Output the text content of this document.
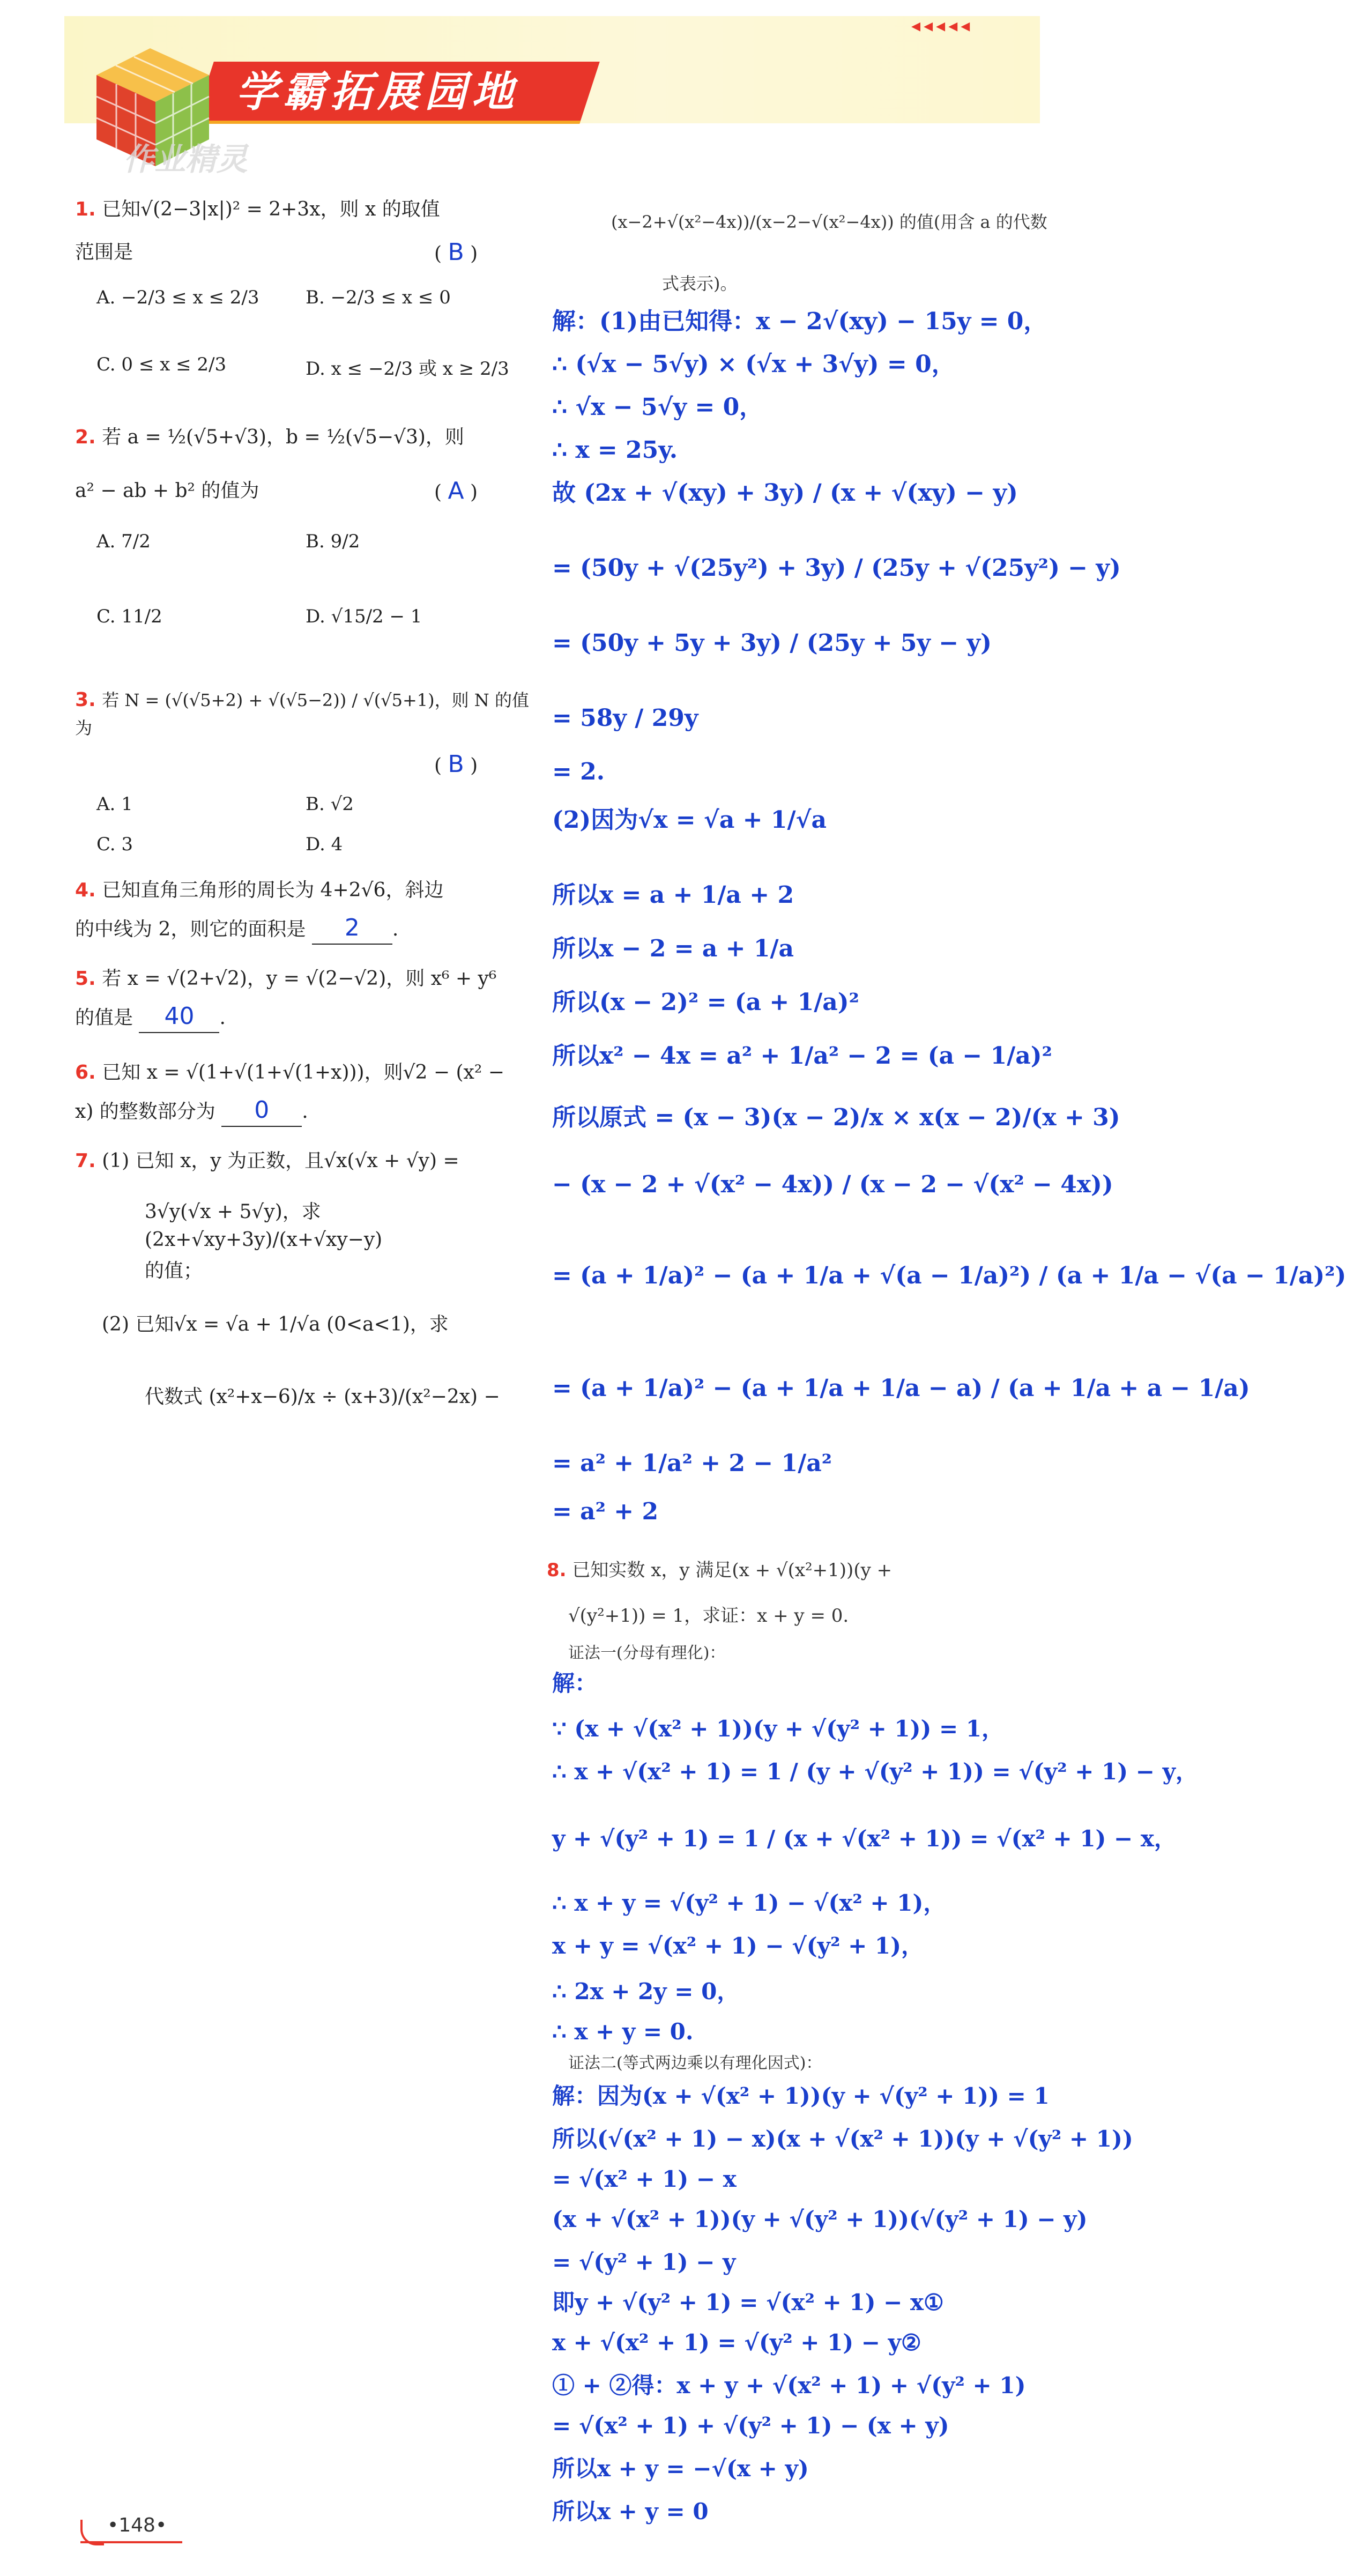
◂◂◂◂◂
学霸拓展园地
作业精灵
1. 已知√(2−3|x|)² = 2+3x，则 x 的取值
范围是	( B )
A. −2/3 ≤ x ≤ 2/3	B. −2/3 ≤ x ≤ 0
C. 0 ≤ x ≤ 2/3	D. x ≤ −2/3 或 x ≥ 2/3
2. 若 a = ½(√5+√3)，b = ½(√5−√3)，则
a² − ab + b² 的值为	( A )
A. 7/2	B. 9/2
C. 11/2	D. √15/2 − 1
3. 若 N = (√(√5+2) + √(√5−2)) / √(√5+1)，则 N 的值为
( B )
A. 1	B. √2
C. 3	D. 4
4. 已知直角三角形的周长为 4+2√6，斜边
的中线为 2，则它的面积是 2 .
5. 若 x = √(2+√2)，y = √(2−√2)，则 x⁶ + y⁶
的值是 40 .
6. 已知 x = √(1+√(1+√(1+x)))，则√2 − (x² −
x) 的整数部分为 0 .
7. (1) 已知 x，y 为正数，且√x(√x + √y) =
3√y(√x + 5√y)，求 (2x+√xy+3y)/(x+√xy−y)
的值；
(2) 已知√x = √a + 1/√a (0<a<1)，求
代数式 (x²+x−6)/x ÷ (x+3)/(x²−2x) −
(x−2+√(x²−4x))/(x−2−√(x²−4x)) 的值(用含 a 的代数
式表示)。
解：(1)由已知得：x − 2√(xy) − 15y = 0，
∴ (√x − 5√y) × (√x + 3√y) = 0，
∴ √x − 5√y = 0，
∴ x = 25y.
故 (2x + √(xy) + 3y) / (x + √(xy) − y)
= (50y + √(25y²) + 3y) / (25y + √(25y²) − y)
= (50y + 5y + 3y) / (25y + 5y − y)
= 58y / 29y
= 2.
(2)因为√x = √a + 1/√a
所以x = a + 1/a + 2
所以x − 2 = a + 1/a
所以(x − 2)² = (a + 1/a)²
所以x² − 4x = a² + 1/a² − 2 = (a − 1/a)²
所以原式 = (x − 3)(x − 2)/x × x(x − 2)/(x + 3)
− (x − 2 + √(x² − 4x)) / (x − 2 − √(x² − 4x))
= (a + 1/a)² − (a + 1/a + √(a − 1/a)²) / (a + 1/a − √(a − 1/a)²)
= (a + 1/a)² − (a + 1/a + 1/a − a) / (a + 1/a + a − 1/a)
= a² + 1/a² + 2 − 1/a²
= a² + 2
8. 已知实数 x，y 满足(x + √(x²+1))(y +
√(y²+1)) = 1，求证：x + y = 0.
证法一(分母有理化)：
解：
∵ (x + √(x² + 1))(y + √(y² + 1)) = 1，
∴ x + √(x² + 1) = 1 / (y + √(y² + 1)) = √(y² + 1) − y，
y + √(y² + 1) = 1 / (x + √(x² + 1)) = √(x² + 1) − x，
∴ x + y = √(y² + 1) − √(x² + 1)，
x + y = √(x² + 1) − √(y² + 1)，
∴ 2x + 2y = 0，
∴ x + y = 0.
证法二(等式两边乘以有理化因式)：
解：因为(x + √(x² + 1))(y + √(y² + 1)) = 1
所以(√(x² + 1) − x)(x + √(x² + 1))(y + √(y² + 1))
= √(x² + 1) − x
(x + √(x² + 1))(y + √(y² + 1))(√(y² + 1) − y)
= √(y² + 1) − y
即y + √(y² + 1) = √(x² + 1) − x①
x + √(x² + 1) = √(y² + 1) − y②
① + ②得：x + y + √(x² + 1) + √(y² + 1)
= √(x² + 1) + √(y² + 1) − (x + y)
所以x + y = −√(x + y)
所以x + y = 0
•148•
